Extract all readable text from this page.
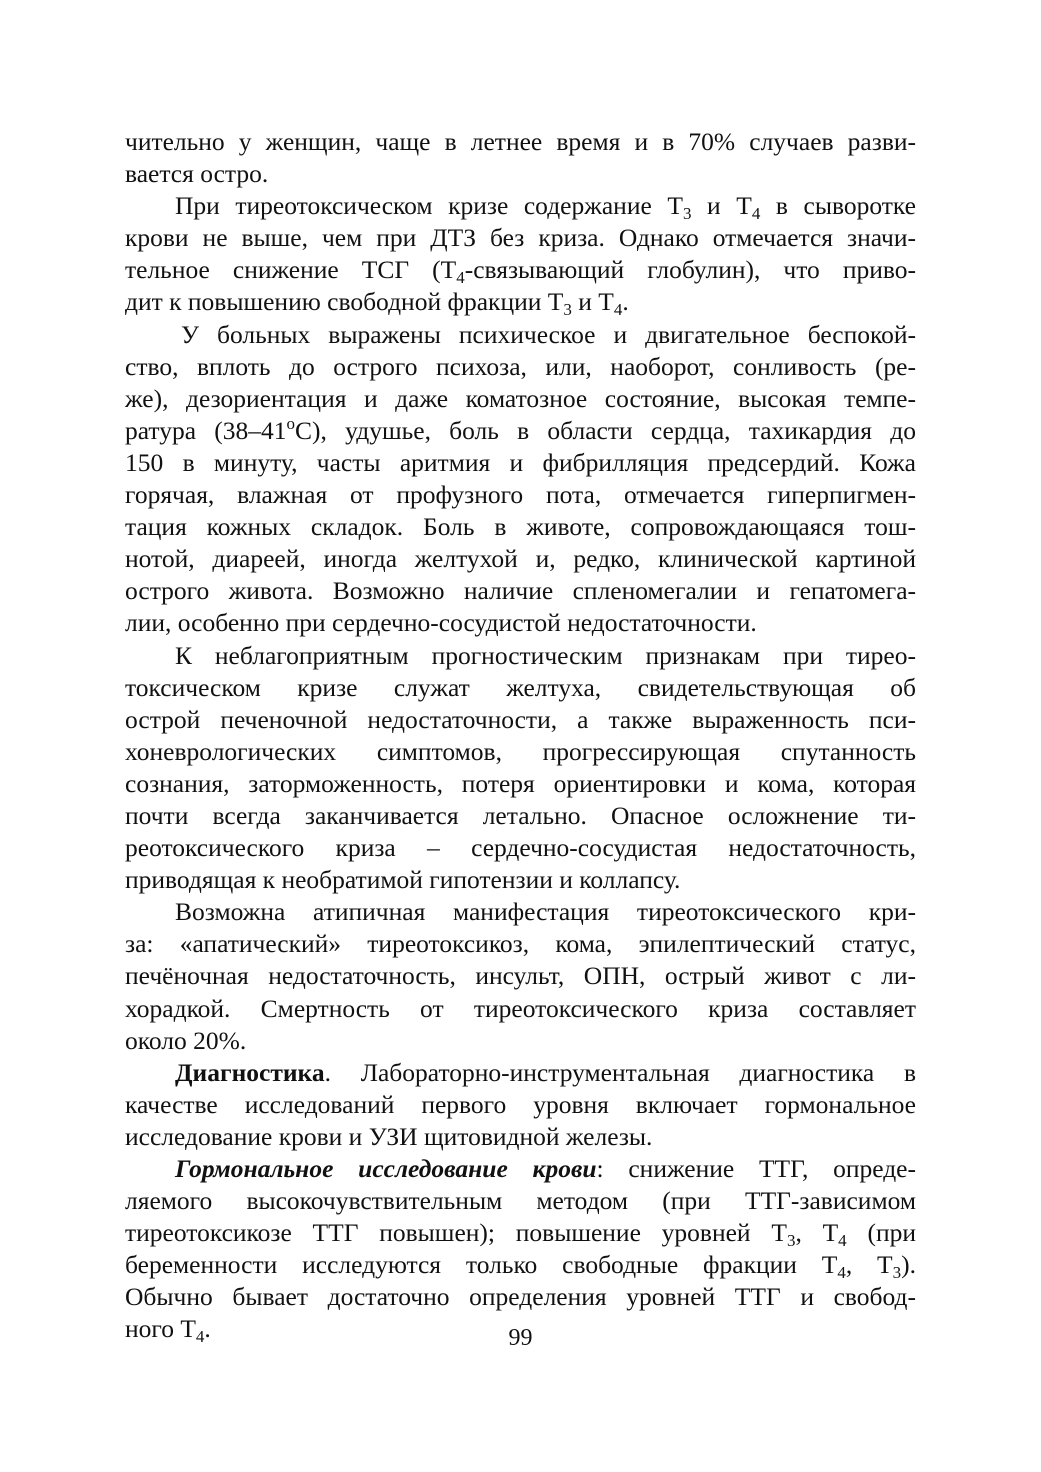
чительно у женщин, чаще в летнее время и в 70% случаев разви-
вается остро.
При тиреотоксическом кризе содержание $Т_3$ и $Т_4$ в сыворотке
крови не выше, чем при ДТЗ без криза. Однако отмечается значи-
тельное снижение ТСГ ($Т_4$-связывающий глобулин), что приво-
дит к повышению свободной фракции $Т_3$ и $Т_4$.
У больных выражены психическое и двигательное беспокой-
ство, вплоть до острого психоза, или, наоборот, сонливость (ре-
же), дезориентация и даже коматозное состояние, высокая темпе-
ратура $(38-41^оС)$, удушье, боль в области сердца, тахикардия до
150 в минуту, часты аритмия и фибрилляция предсердий. Кожа
горячая, влажная от профузного пота, отмечается гиперпигмен-
тация кожных складок. Боль в животе, сопровождающаяся тош-
нотой, диареей, иногда желтухой и, редко, клинической картиной
острого живота. Возможно наличие спленомегалии и гепатомега-
лии, особенно при сердечно-сосудистой недостаточности.
К неблагоприятным прогностическим признакам при тирео-
токсическом кризе служат желтуха, свидетельствующая об
острой печеночной недостаточности, а также выраженность пси-
хоневрологических симптомов, прогрессирующая спутанность
сознания, заторможенность, потеря ориентировки и кома, которая
почти всегда заканчивается летально. Опасное осложнение ти-
реотоксического криза – сердечно-сосудистая недостаточность,
приводящая к необратимой гипотензии и коллапсу.
Возможна атипичная манифестация тиреотоксического кри-
за: «апатический» тиреотоксикоз, кома, эпилептический статус,
печёночная недостаточность, инсульт, ОПН, острый живот с ли-
хорадкой. Смертность от тиреотоксического криза составляет
около 20%.
Диагностика. Лабораторно-инструментальная диагностика в
качестве исследований первого уровня включает гормональное
исследование крови и УЗИ щитовидной железы.
Гормональное исследование крови: снижение ТТГ, опреде-
ляемого высокочувствительным методом (при ТТГ-зависимом
тиреотоксикозе ТТГ повышен); повышение уровней $Т_3$, $Т_4$ (при
беременности исследуются только свободные фракции $Т_4$, $Т_3$).
Обычно бывает достаточно определения уровней ТТГ и свобод-
ного $Т_4$.	99
